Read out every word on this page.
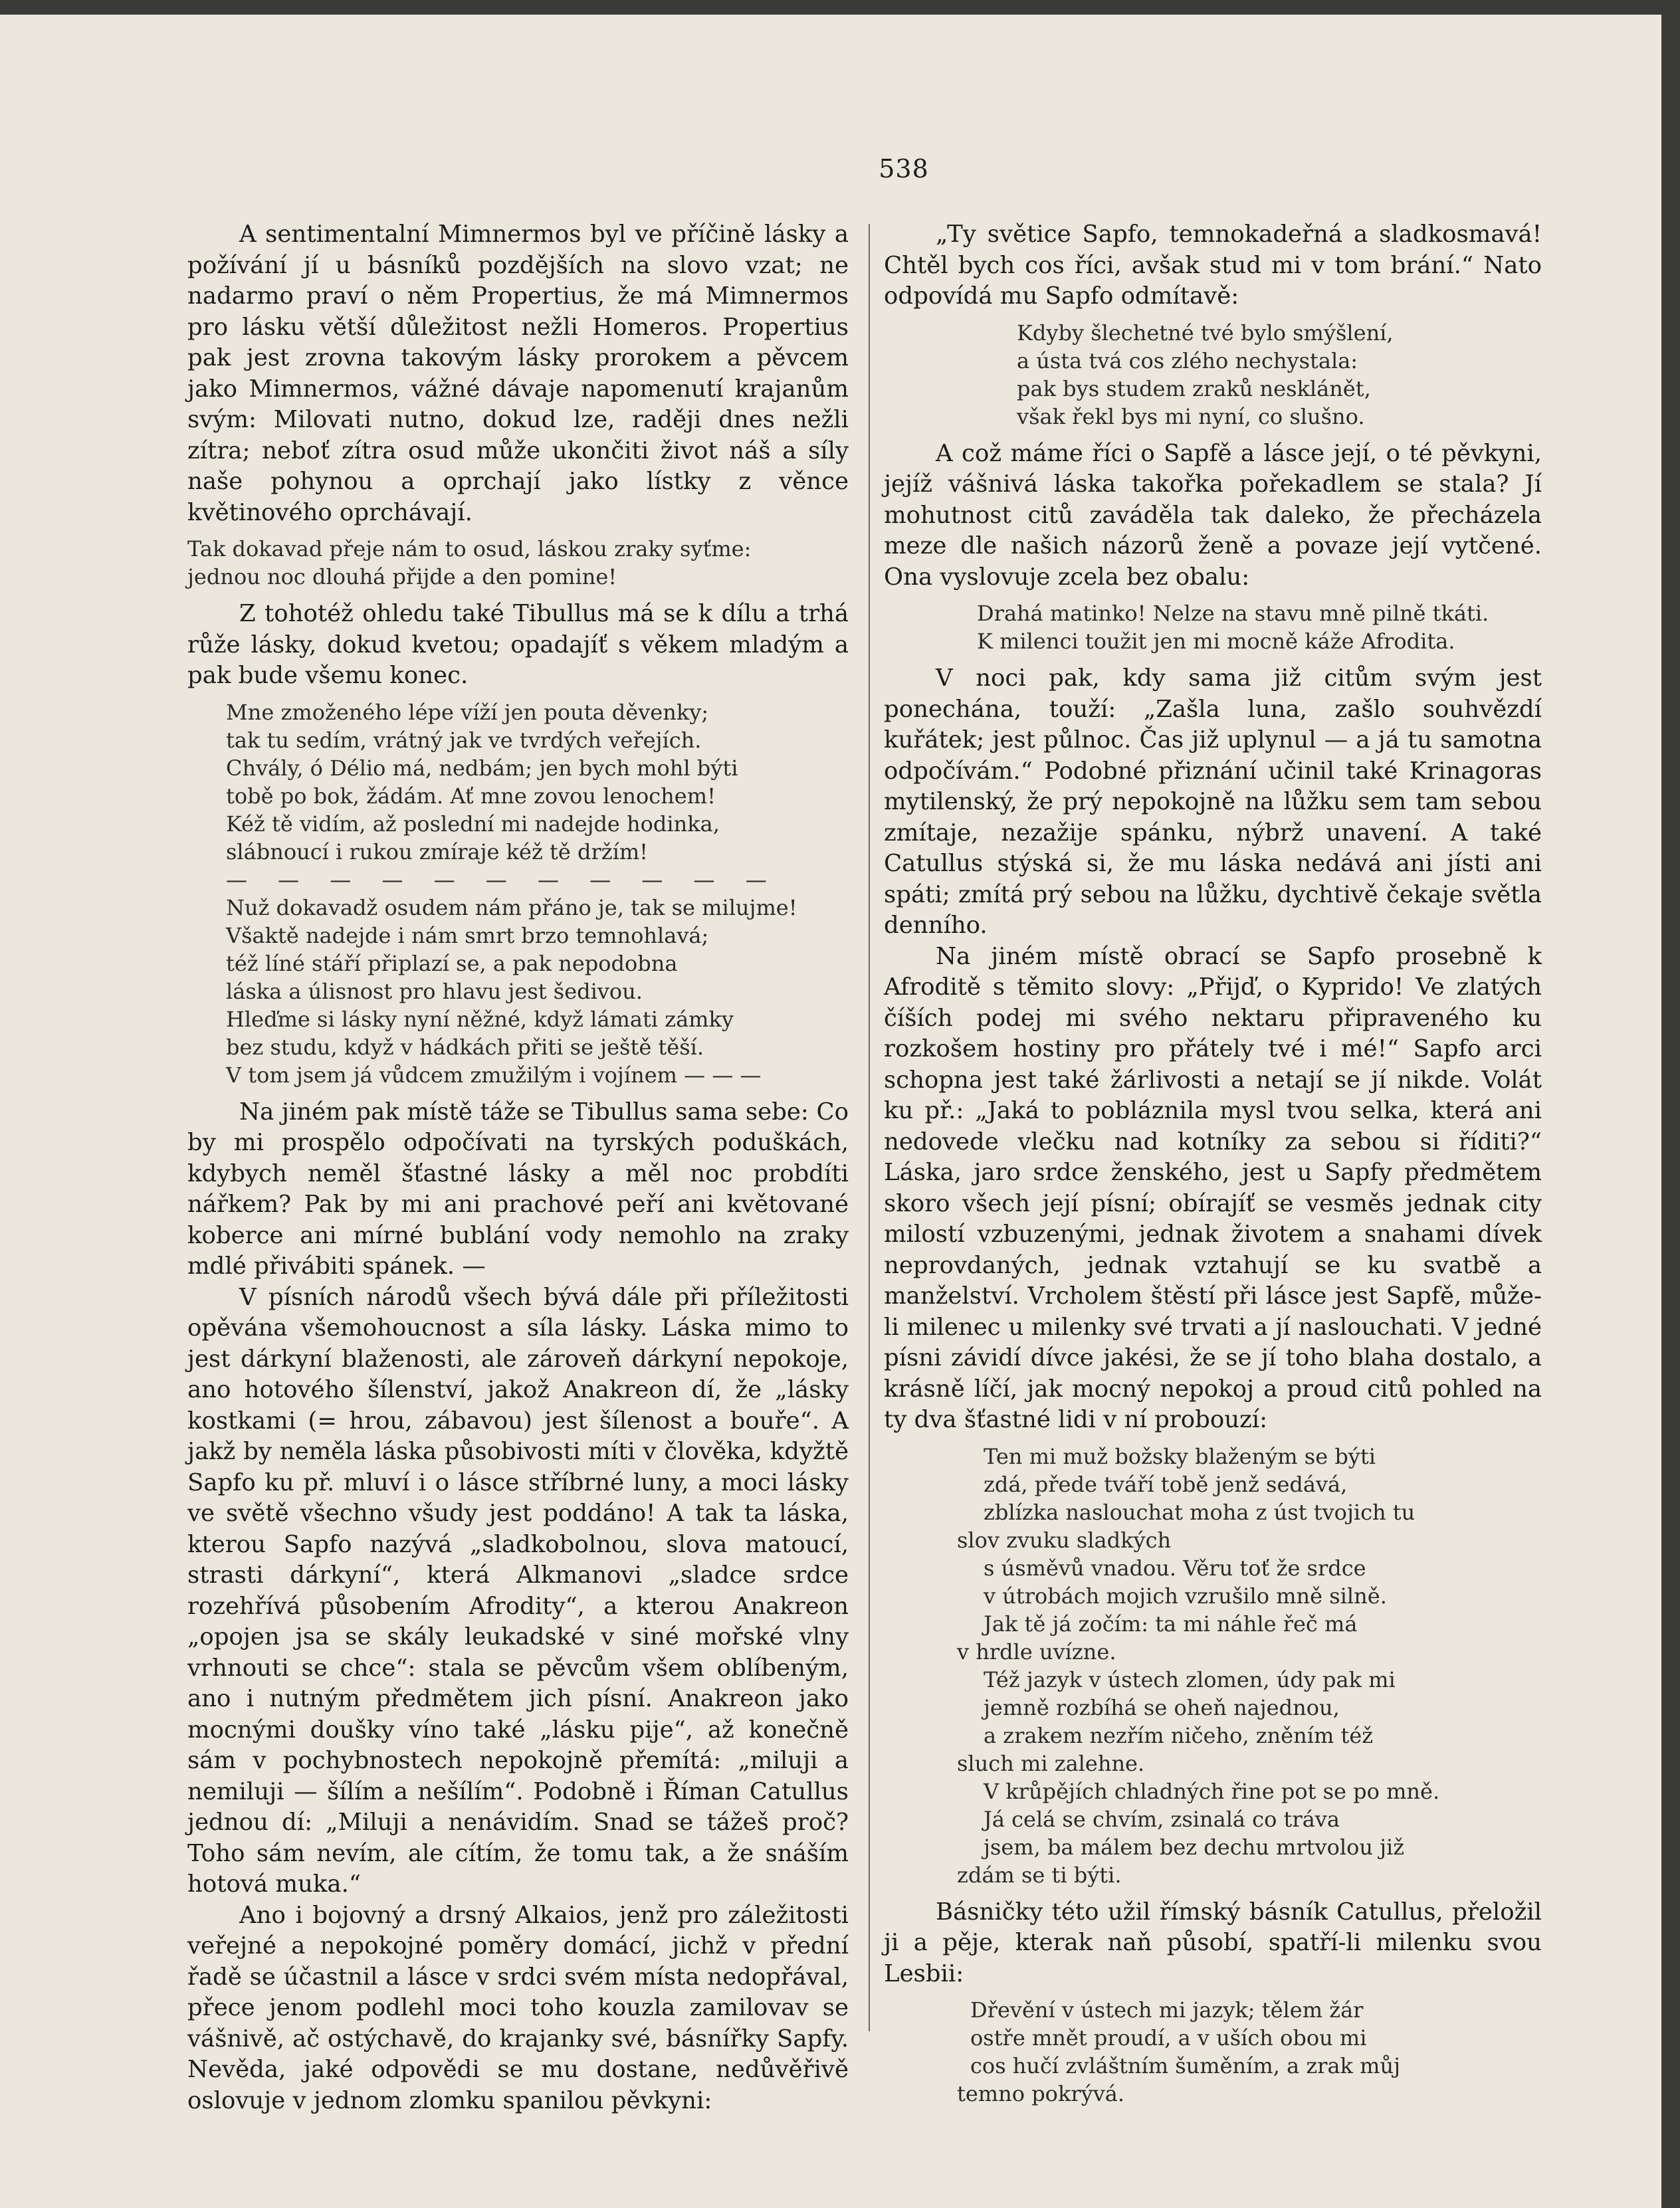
538

A sentimentalní Mimnermos byl ve příčině lásky a požívání jí u básníků pozdějších na slovo vzat; ne nadarmo praví o něm Propertius, že má Mimnermos pro lásku větší důležitost nežli Homeros. Propertius pak jest zrovna takovým lásky prorokem a pěvcem jako Mimnermos, vážné dávaje napomenutí krajanům svým: Milovati nutno, dokud lze, raději dnes nežli zítra; neboť zítra osud může ukončiti život náš a síly naše pohynou a oprchají jako lístky z věnce květinového oprchávají.

Tak dokavad přeje nám to osud, láskou zraky syťme:
jednou noc dlouhá přijde a den pomine!

Z tohotéž ohledu také Tibullus má se k dílu a trhá růže lásky, dokud kvetou; opadajíť s věkem mladým a pak bude všemu konec.

Mne zmoženého lépe víží jen pouta děvenky;
tak tu sedím, vrátný jak ve tvrdých veřejích.
Chvály, ó Délio má, nedbám; jen bych mohl býti
tobě po bok, žádám. Ať mne zovou lenochem!
Kéž tě vidím, až poslední mi nadejde hodinka,
slábnoucí i rukou zmíraje kéž tě držím!
— — — — — — — — — — —
Nuž dokavadž osudem nám přáno je, tak se milujme!
Všaktě nadejde i nám smrt brzo temnohlavá;
též líné stáří připlazí se, a pak nepodobna
láska a úlisnost pro hlavu jest šedivou.
Hleďme si lásky nyní něžné, když lámati zámky
bez studu, když v hádkách přiti se ještě těší.
V tom jsem já vůdcem zmužilým i vojínem — — —

Na jiném pak místě táže se Tibullus sama sebe: Co by mi prospělo odpočívati na tyrských poduškách, kdybych neměl šťastné lásky a měl noc probdíti nářkem? Pak by mi ani prachové peří ani květované koberce ani mírné bublání vody nemohlo na zraky mdlé přivábiti spánek. —

V písních národů všech bývá dále při příležitosti opěvána všemohoucnost a síla lásky. Láska mimo to jest dárkyní blaženosti, ale zároveň dárkyní nepokoje, ano hotového šílenství, jakož Anakreon dí, že „lásky kostkami (= hrou, zábavou) jest šílenost a bouře“. A jakž by neměla láska působivosti míti v člověka, kdyžtě Sapfo ku př. mluví i o lásce stříbrné luny, a moci lásky ve světě všechno všudy jest poddáno! A tak ta láska, kterou Sapfo nazývá „sladkobolnou, slova matoucí, strasti dárkyní“, která Alkmanovi „sladce srdce rozehřívá působením Afrodity“, a kterou Anakreon „opojen jsa se skály leukadské v siné mořské vlny vrhnouti se chce“: stala se pěvcům všem oblíbeným, ano i nutným předmětem jich písní. Anakreon jako mocnými doušky víno také „lásku pije“, až konečně sám v pochybnostech nepokojně přemítá: „miluji a nemiluji — šílím a nešílím“. Podobně i Říman Catullus jednou dí: „Miluji a nenávidím. Snad se tážeš proč? Toho sám nevím, ale cítím, že tomu tak, a že snáším hotová muka.“

Ano i bojovný a drsný Alkaios, jenž pro záležitosti veřejné a nepokojné poměry domácí, jichž v přední řadě se účastnil a lásce v srdci svém místa nedopřával, přece jenom podlehl moci toho kouzla zamilovav se vášnivě, ač ostýchavě, do krajanky své, básnířky Sapfy. Nevěda, jaké odpovědi se mu dostane, nedůvěřivě oslovuje v jednom zlomku spanilou pěvkyni:

„Ty světice Sapfo, temnokadeřná a sladkosmavá! Chtěl bych cos říci, avšak stud mi v tom brání.“ Nato odpovídá mu Sapfo odmítavě:

Kdyby šlechetné tvé bylo smýšlení,
a ústa tvá cos zlého nechystala:
pak bys studem zraků nesklánět,
však řekl bys mi nyní, co slušno.

A což máme říci o Sapfě a lásce její, o té pěvkyni, jejíž vášnivá láska takořka pořekadlem se stala? Jí mohutnost citů zaváděla tak daleko, že přecházela meze dle našich názorů ženě a povaze její vytčené. Ona vyslovuje zcela bez obalu:

Drahá matinko! Nelze na stavu mně pilně tkáti.
K milenci toužit jen mi mocně káže Afrodita.

V noci pak, kdy sama již citům svým jest ponechána, touží: „Zašla luna, zašlo souhvězdí kuřátek; jest půlnoc. Čas již uplynul — a já tu samotna odpočívám.“ Podobné přiznání učinil také Krinagoras mytilenský, že prý nepokojně na lůžku sem tam sebou zmítaje, nezažije spánku, nýbrž unavení. A také Catullus stýská si, že mu láska nedává ani jísti ani spáti; zmítá prý sebou na lůžku, dychtivě čekaje světla denního.

Na jiném místě obrací se Sapfo prosebně k Afroditě s těmito slovy: „Přijď, o Kyprido! Ve zlatých číších podej mi svého nektaru připraveného ku rozkošem hostiny pro přátely tvé i mé!“ Sapfo arci schopna jest také žárlivosti a netají se jí nikde. Volát ku př.: „Jaká to pobláznila mysl tvou selka, která ani nedovede vlečku nad kotníky za sebou si říditi?“ Láska, jaro srdce ženského, jest u Sapfy předmětem skoro všech její písní; obírajíť se vesměs jednak city milostí vzbuzenými, jednak životem a snahami dívek neprovdaných, jednak vztahují se ku svatbě a manželství. Vrcholem štěstí při lásce jest Sapfě, může-li milenec u milenky své trvati a jí naslouchati. V jedné písni závidí dívce jakési, že se jí toho blaha dostalo, a krásně líčí, jak mocný nepokoj a proud citů pohled na ty dva šťastné lidi v ní probouzí:

Ten mi muž božsky blaženým se býti
zdá, přede tváří tobě jenž sedává,
zblízka naslouchat moha z úst tvojich tu
slov zvuku sladkých
s úsměvů vnadou. Věru toť že srdce
v útrobách mojich vzrušilo mně silně.
Jak tě já zočím: ta mi náhle řeč má
v hrdle uvízne.
Též jazyk v ústech zlomen, údy pak mi
jemně rozbíhá se oheň najednou,
a zrakem nezřím ničeho, zněním též
sluch mi zalehne.
V krůpějích chladných řine pot se po mně.
Já celá se chvím, zsinalá co tráva
jsem, ba málem bez dechu mrtvolou již
zdám se ti býti.

Básničky této užil římský básník Catullus, přeložil ji a pěje, kterak naň působí, spatří-li milenku svou Lesbii:

Dřevění v ústech mi jazyk; tělem žár
ostře mnět proudí, a v uších obou mi
cos hučí zvláštním šuměním, a zrak můj
temno pokrývá.
